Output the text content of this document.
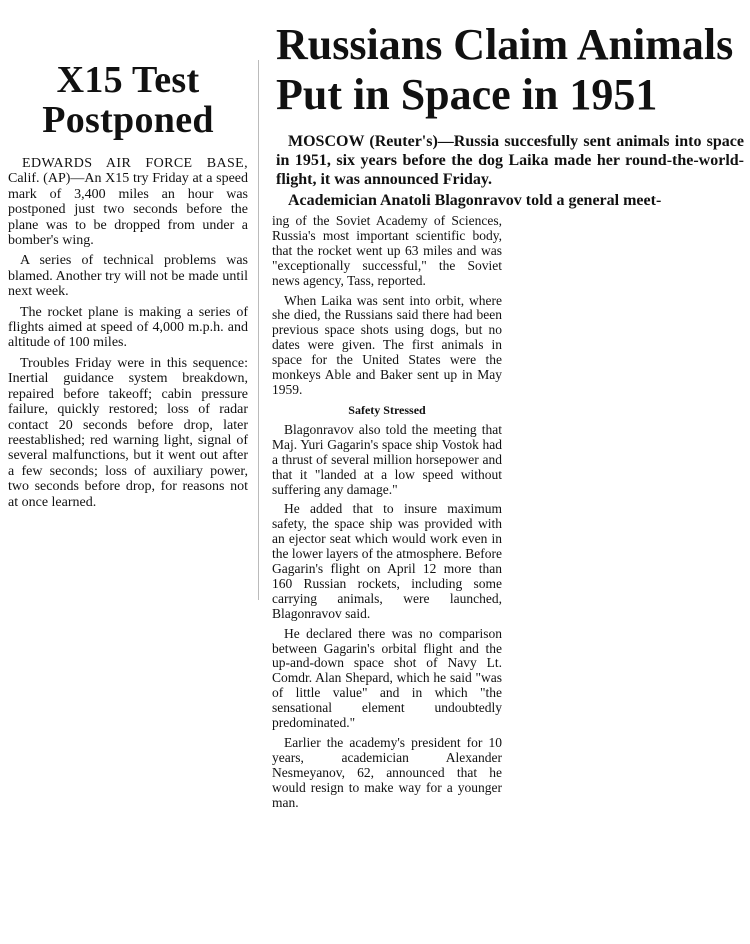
X15 Test
Postponed

EDWARDS AIR FORCE BASE, Calif. (AP)—An X15 try Friday at a speed mark of 3,400 miles an hour was postponed just two seconds before the plane was to be dropped from under a bomber's wing.

A series of technical problems was blamed. Another try will not be made until next week.

The rocket plane is making a series of flights aimed at speed of 4,000 m.p.h. and altitude of 100 miles.

Troubles Friday were in this sequence: Inertial guidance system breakdown, repaired before takeoff; cabin pressure failure, quickly restored; loss of radar contact 20 seconds before drop, later reestablished; red warning light, signal of several malfunctions, but it went out after a few seconds; loss of auxiliary power, two seconds before drop, for reasons not at once learned.

Russians Claim Animals
Put in Space in 1951

MOSCOW (Reuter's)—Russia succesfully sent animals into space in 1951, six years before the dog Laika made her round-the-world-flight, it was announced Friday.

Academician Anatoli Blagonravov told a general meet-

ing of the Soviet Academy of Sciences, Russia's most important scientific body, that the rocket went up 63 miles and was "exceptionally successful," the Soviet news agency, Tass, reported.

When Laika was sent into orbit, where she died, the Russians said there had been previous space shots using dogs, but no dates were given. The first animals in space for the United States were the monkeys Able and Baker sent up in May 1959.

Safety Stressed

Blagonravov also told the meeting that Maj. Yuri Gagarin's space ship Vostok had a thrust of several million horsepower and that it "landed at a low speed without suffering any damage."

He added that to insure maximum safety, the space ship was provided with an ejector seat which would work even in the lower layers of the atmosphere. Before Gagarin's flight on April 12 more than 160 Russian rockets, including some carrying animals, were launched, Blagonravov said.

He declared there was no comparison between Gagarin's orbital flight and the up-and-down space shot of Navy Lt. Comdr. Alan Shepard, which he said "was of little value" and in which "the sensational element undoubtedly predominated."

Earlier the academy's president for 10 years, academician Alexander Nesmeyanov, 62, announced that he would resign to make way for a younger man.
